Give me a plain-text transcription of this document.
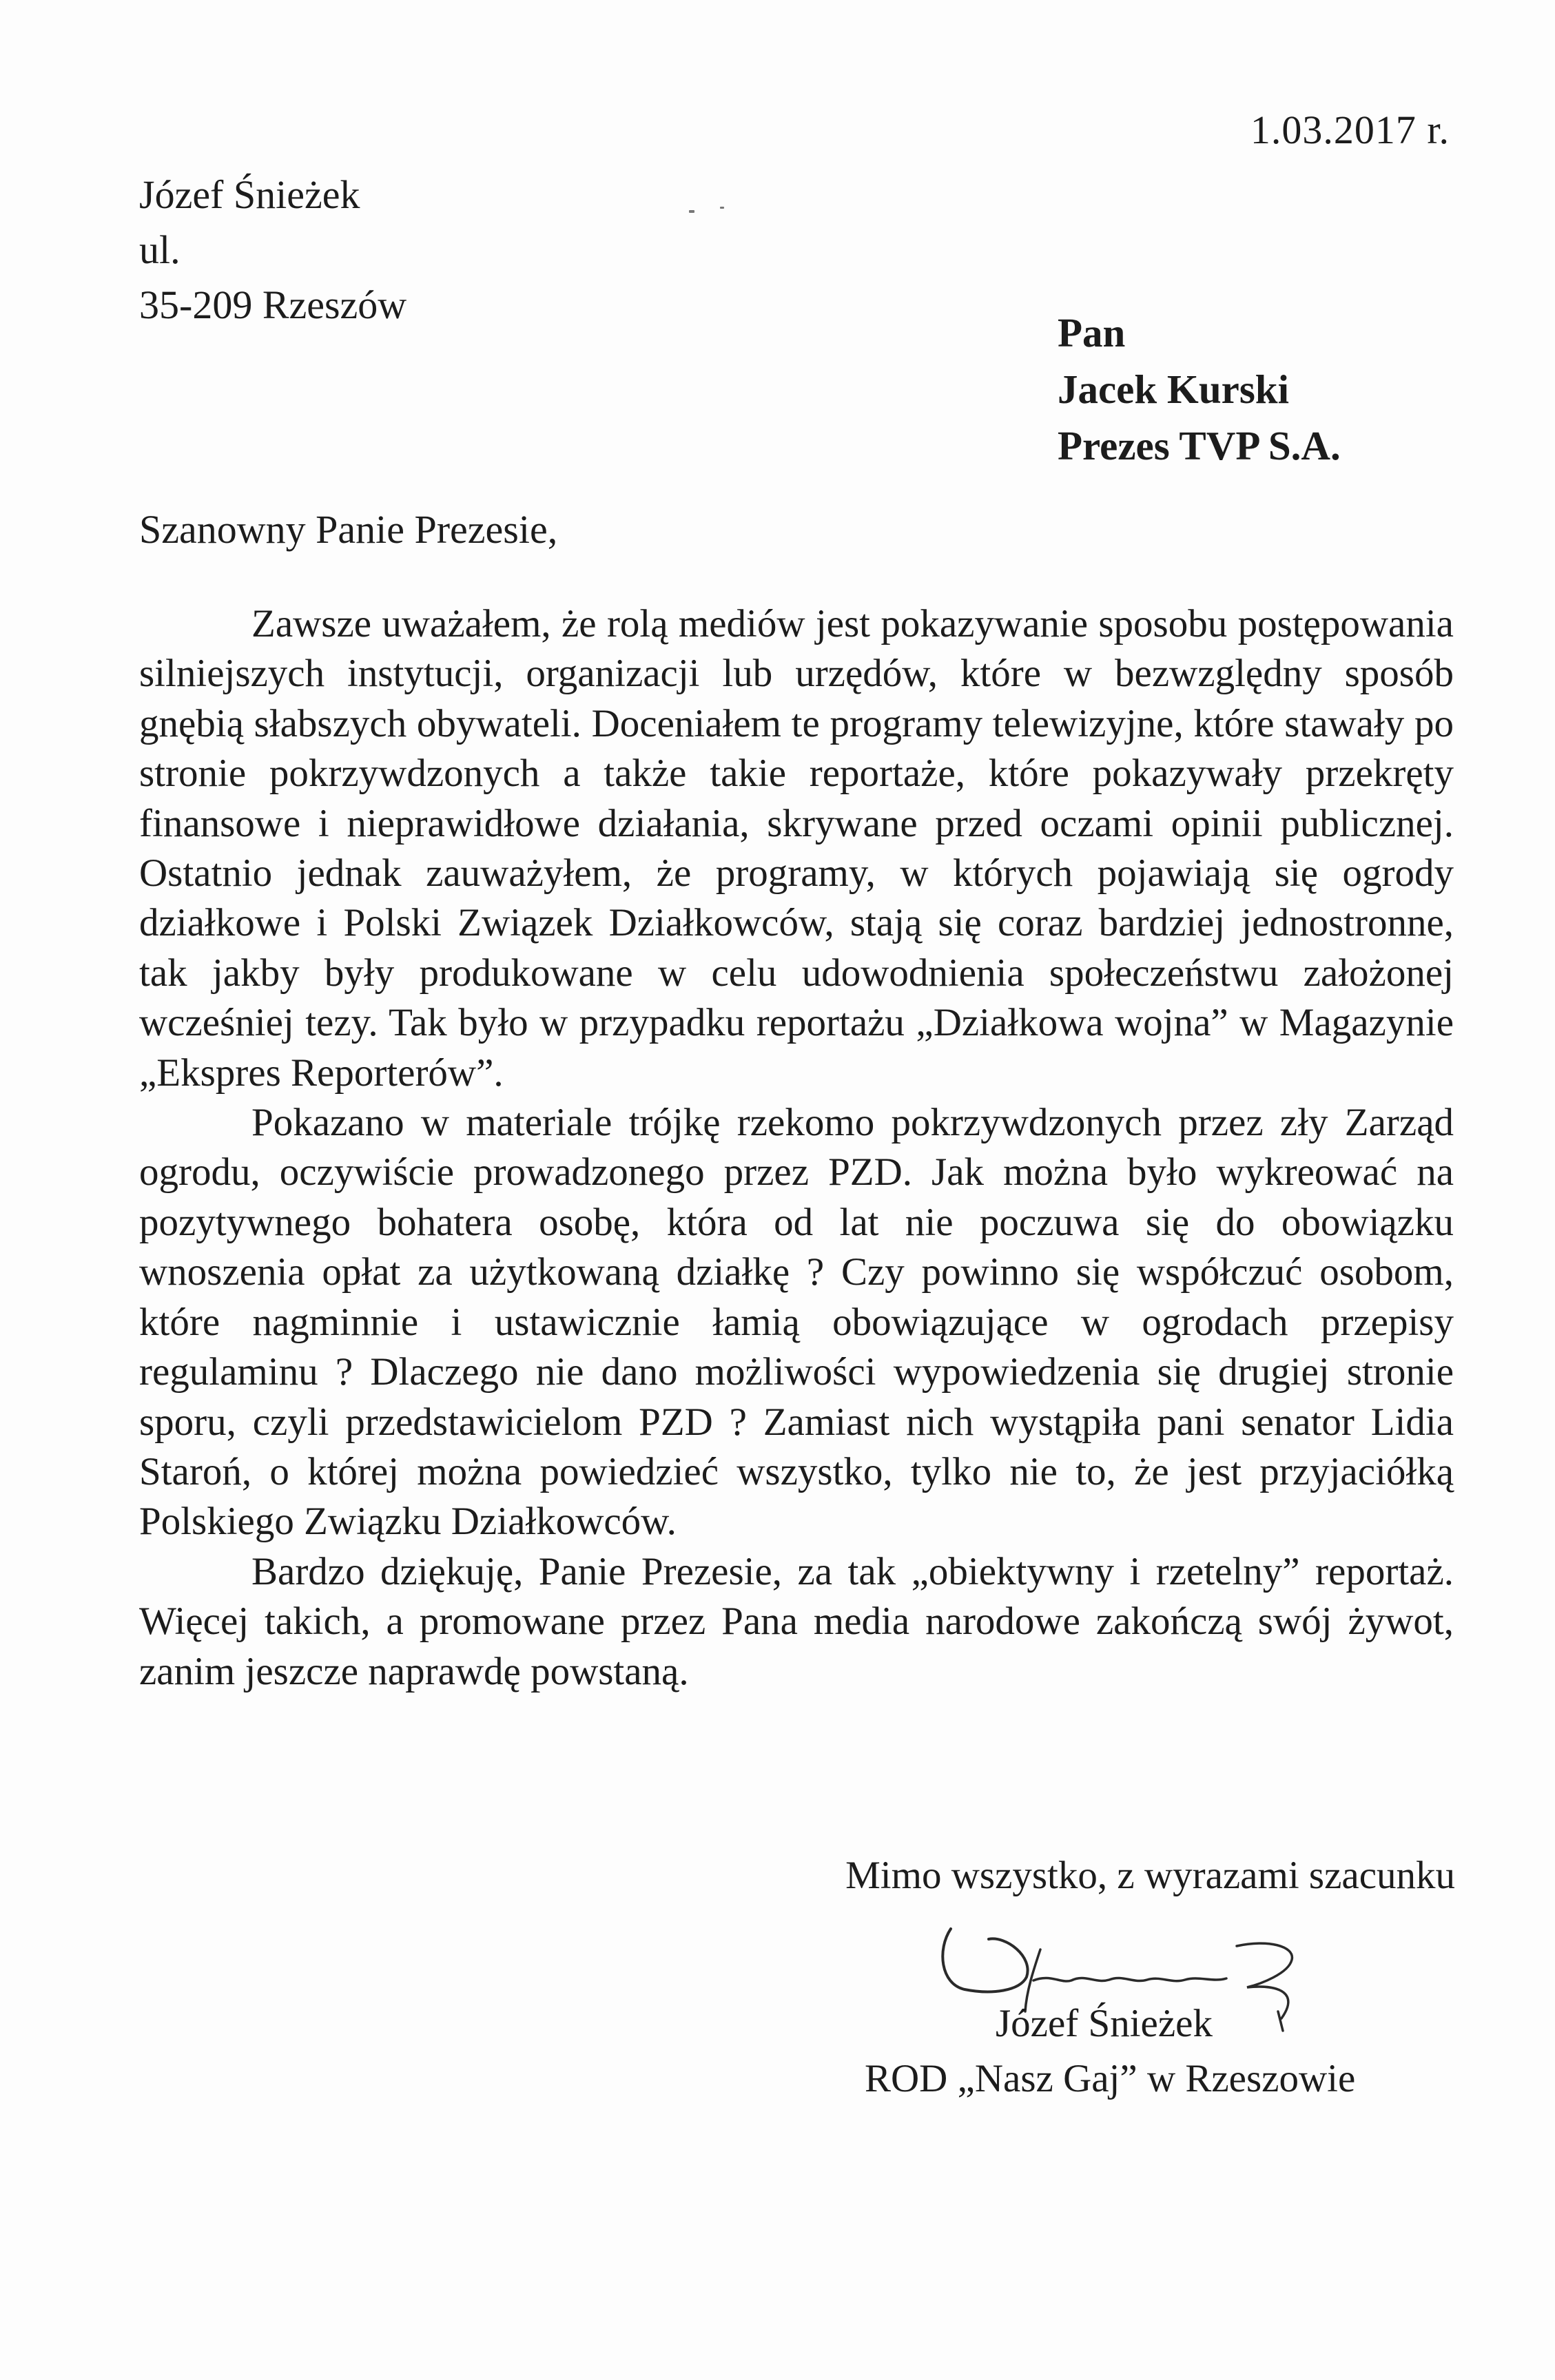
1.03.2017 r.
Józef Śnieżek
ul.
35-209 Rzeszów
Pan
Jacek Kurski
Prezes TVP S.A.
Szanowny Panie Prezesie,

Zawsze uważałem, że rolą mediów jest pokazywanie sposobu postępowania silniejszych instytucji, organizacji lub urzędów, które w bezwzględny sposób gnębią słabszych obywateli. Doceniałem te programy telewizyjne, które stawały po stronie pokrzywdzonych a także takie reportaże, które pokazywały przekręty finansowe i nieprawidłowe działania, skrywane przed oczami opinii publicznej. Ostatnio jednak zauważyłem, że programy, w których pojawiają się ogrody działkowe i Polski Związek Działkowców, stają się coraz bardziej jednostronne, tak jakby były produkowane w celu udowodnienia społeczeństwu założonej wcześniej tezy. Tak było w przypadku reportażu „Działkowa wojna” w Magazynie „Ekspres Reporterów”.

Pokazano w materiale trójkę rzekomo pokrzywdzonych przez zły Zarząd ogrodu, oczywiście prowadzonego przez PZD. Jak można było wykreować na pozytywnego bohatera osobę, która od lat nie poczuwa się do obowiązku wnoszenia opłat za użytkowaną działkę ? Czy powinno się współczuć osobom, które nagminnie i ustawicznie łamią obowiązujące w ogrodach przepisy regulaminu ? Dlaczego nie dano możliwości wypowiedzenia się drugiej stronie sporu, czyli przedstawicielom PZD ? Zamiast nich wystąpiła pani senator Lidia Staroń, o której można powiedzieć wszystko, tylko nie to, że jest przyjaciółką Polskiego Związku Działkowców.

Bardzo dziękuję, Panie Prezesie, za tak „obiektywny i rzetelny” reportaż. Więcej takich, a promowane przez Pana media narodowe zakończą swój żywot, zanim jeszcze naprawdę powstaną.

Mimo wszystko, z wyrazami szacunku
Józef Śnieżek
ROD „Nasz Gaj” w Rzeszowie
